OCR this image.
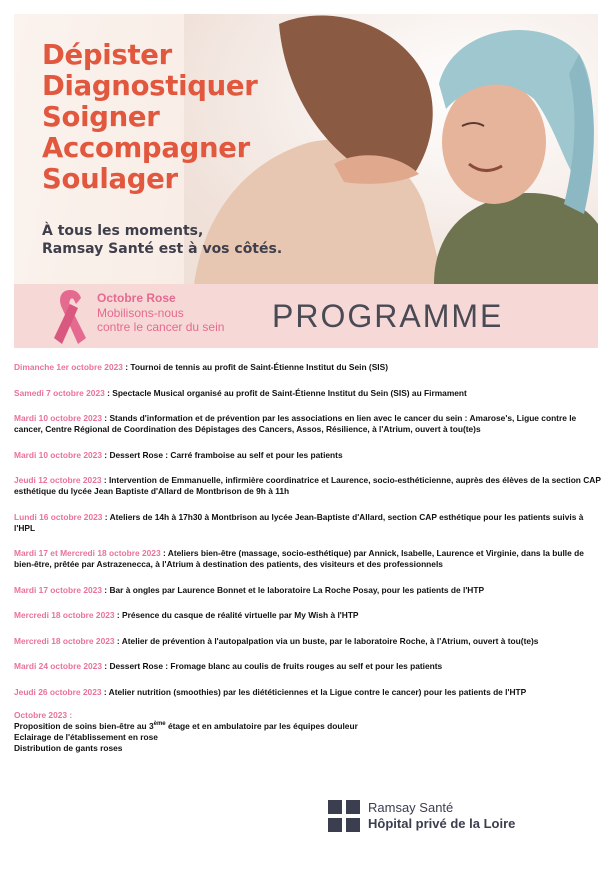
Dépister
Diagnostiquer
Soigner
Accompagner
Soulager
À tous les moments,
Ramsay Santé est à vos côtés.
Octobre Rose
Mobilisons-nous
contre le cancer du sein	PROGRAMME
Dimanche 1er octobre 2023 : Tournoi de tennis au profit de Saint-Étienne Institut du Sein (SIS)
Samedi 7 octobre 2023 : Spectacle Musical organisé au profit de Saint-Étienne Institut du Sein (SIS) au Firmament
Mardi 10 octobre 2023 : Stands d'information et de prévention par les associations en lien avec le cancer du sein : Amarose's, Ligue contre le cancer, Centre Régional de Coordination des Dépistages des Cancers, Assos, Résilience, à l'Atrium, ouvert à tou(te)s
Mardi 10 octobre 2023 : Dessert Rose : Carré framboise au self et pour les patients
Jeudi 12 octobre 2023 : Intervention de Emmanuelle, infirmière coordinatrice et Laurence, socio-esthéticienne, auprès des élèves de la section CAP esthétique du lycée Jean Baptiste d'Allard de Montbrison de 9h à 11h
Lundi 16 octobre 2023 : Ateliers de 14h à 17h30 à Montbrison au lycée Jean-Baptiste d'Allard, section CAP esthétique pour les patients suivis à l'HPL
Mardi 17 et Mercredi 18 octobre 2023 : Ateliers bien-être (massage, socio-esthétique) par Annick, Isabelle, Laurence et Virginie, dans la bulle de bien-être, prêtée par Astrazenecca, à l'Atrium à destination des patients, des visiteurs et des professionnels
Mardi 17 octobre 2023 : Bar à ongles par Laurence Bonnet et le laboratoire La Roche Posay, pour les patients de l'HTP
Mercredi 18 octobre 2023 : Présence du casque de réalité virtuelle par My Wish à l'HTP
Mercredi 18 octobre 2023 : Atelier de prévention à l'autopalpation via un buste, par le laboratoire Roche, à l'Atrium, ouvert à tou(te)s
Mardi 24 octobre 2023 : Dessert Rose : Fromage blanc au coulis de fruits rouges au self et pour les patients
Jeudi 26 octobre 2023 : Atelier nutrition (smoothies) par les diététiciennes et la Ligue contre le cancer) pour les patients de l'HTP
Octobre 2023 :
Proposition de soins bien-être au 3ème étage et en ambulatoire par les équipes douleur
Eclairage de l'établissement en rose
Distribution de gants roses
Ramsay Santé
Hôpital privé de la Loire
